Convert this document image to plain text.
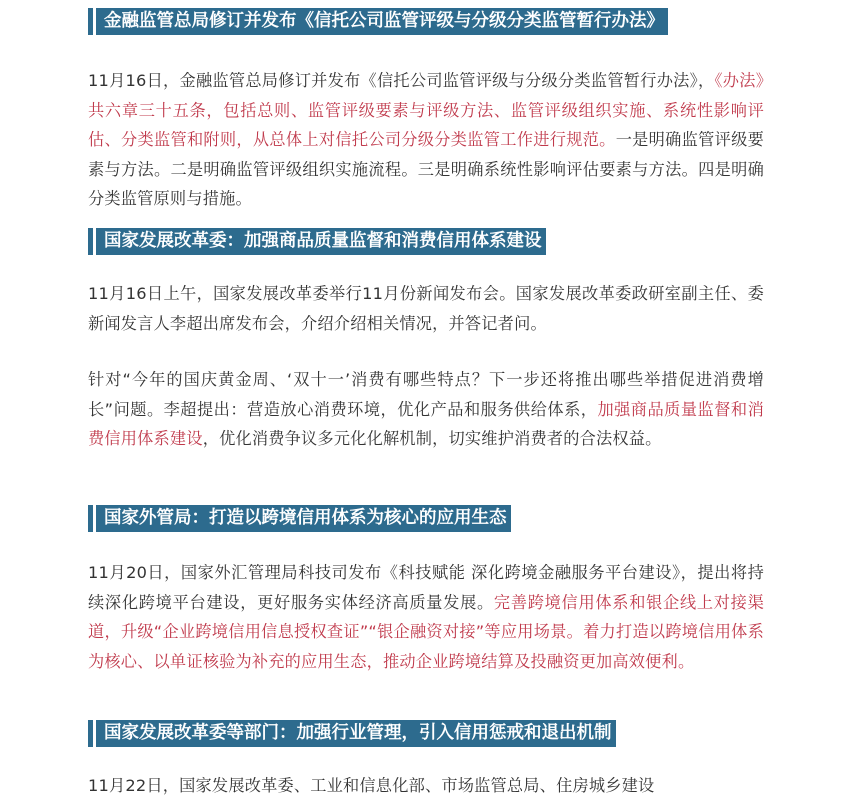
金融监管总局修订并发布《信托公司监管评级与分级分类监管暂行办法》

11月16日，金融监管总局修订并发布《信托公司监管评级与分级分类监管暂行办法》，《办法》共六章三十五条，包括总则、监管评级要素与评级方法、监管评级组织实施、系统性影响评估、分类监管和附则，从总体上对信托公司分级分类监管工作进行规范。一是明确监管评级要素与方法。二是明确监管评级组织实施流程。三是明确系统性影响评估要素与方法。四是明确分类监管原则与措施。

国家发展改革委：加强商品质量监督和消费信用体系建设

11月16日上午，国家发展改革委举行11月份新闻发布会。国家发展改革委政研室副主任、委新闻发言人李超出席发布会，介绍介绍相关情况，并答记者问。

针对“今年的国庆黄金周、‘双十一’消费有哪些特点？下一步还将推出哪些举措促进消费增长”问题。李超提出：营造放心消费环境，优化产品和服务供给体系，加强商品质量监督和消费信用体系建设，优化消费争议多元化化解机制，切实维护消费者的合法权益。

国家外管局：打造以跨境信用体系为核心的应用生态

11月20日，国家外汇管理局科技司发布《科技赋能 深化跨境金融服务平台建设》，提出将持续深化跨境平台建设，更好服务实体经济高质量发展。完善跨境信用体系和银企线上对接渠道，升级“企业跨境信用信息授权查证”“银企融资对接”等应用场景。着力打造以跨境信用体系为核心、以单证核验为补充的应用生态，推动企业跨境结算及投融资更加高效便利。

国家发展改革委等部门：加强行业管理，引入信用惩戒和退出机制

11月22日，国家发展改革委、工业和信息化部、市场监管总局、住房城乡建设
